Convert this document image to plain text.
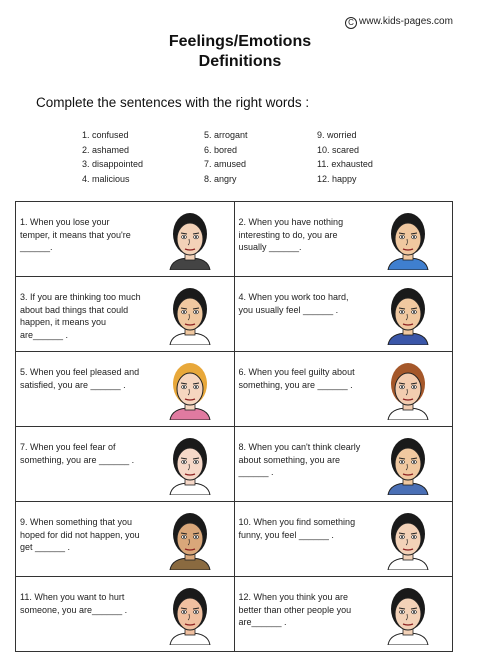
C www.kids-pages.com
Feelings/Emotions
Definitions
Complete the sentences with the right words :
1. confused
2. ashamed
3. disappointed
4. malicious
5. arrogant
6. bored
7. amused
8. angry
9. worried
10. scared
11. exhausted
12. happy
1. When you lose your temper, it means that you're ______.	2. When you have nothing interesting to do, you are usually ______.

3. If you are thinking too much about bad things that could happen, it means you are______ .	4. When you work too hard, you usually feel ______ .

5. When you feel pleased and satisfied, you are ______ .	6. When you feel guilty about something, you are ______ .

7. When you feel fear of something, you are ______ .	8. When you can't think clearly about something, you are ______ .

9. When something that you hoped for did not happen, you get ______ .	10. When you find something funny, you feel ______ .

11. When you want to hurt someone, you are______ .	12. When you think you are better than other people you are______ .
